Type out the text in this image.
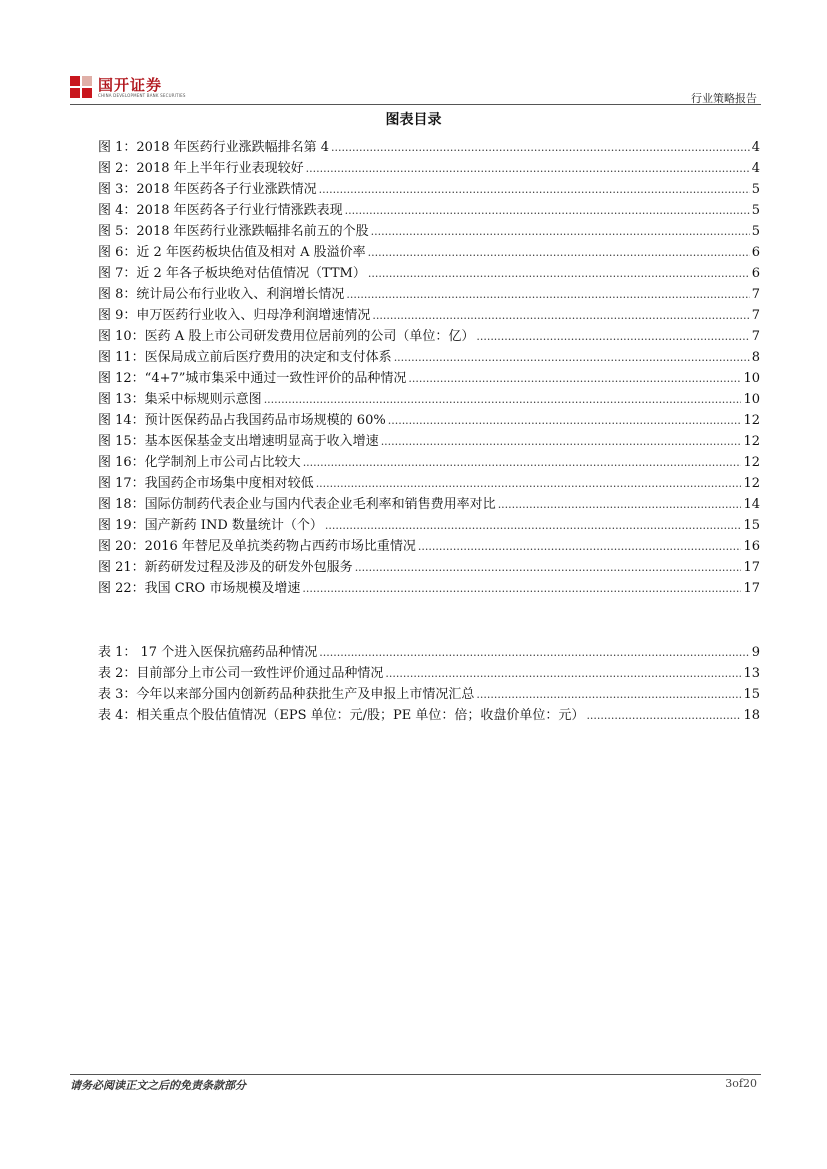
国开证券
CHINA DEVELOPMENT BANK SECURITIES	行业策略报告
图表目录
图 1：2018 年医药行业涨跌幅排名第 4 .....	4
图 2：2018 年上半年行业表现较好 .....	4
图 3：2018 年医药各子行业涨跌情况 .....	5
图 4：2018 年医药各子行业行情涨跌表现 .....	5
图 5：2018 年医药行业涨跌幅排名前五的个股 .....	5
图 6：近 2 年医药板块估值及相对 A 股溢价率 .....	6
图 7：近 2 年各子板块绝对估值情况（TTM） .....	6
图 8：统计局公布行业收入、利润增长情况 .....	7
图 9：申万医药行业收入、归母净利润增速情况 .....	7
图 10：医药 A 股上市公司研发费用位居前列的公司（单位：亿） .....	7
图 11：医保局成立前后医疗费用的决定和支付体系 .....	8
图 12：“4+7”城市集采中通过一致性评价的品种情况 .....	10
图 13：集采中标规则示意图 .....	10
图 14：预计医保药品占我国药品市场规模的 60% .....	12
图 15：基本医保基金支出增速明显高于收入增速 .....	12
图 16：化学制剂上市公司占比较大 .....	12
图 17：我国药企市场集中度相对较低 .....	12
图 18：国际仿制药代表企业与国内代表企业毛利率和销售费用率对比 .....	14
图 19：国产新药 IND 数量统计（个） .....	15
图 20：2016 年替尼及单抗类药物占西药市场比重情况 .....	16
图 21：新药研发过程及涉及的研发外包服务 .....	17
图 22：我国 CRO 市场规模及增速 .....	17
表 1： 17 个进入医保抗癌药品种情况 .....	9
表 2：目前部分上市公司一致性评价通过品种情况 .....	13
表 3：今年以来部分国内创新药品种获批生产及申报上市情况汇总 .....	15
表 4：相关重点个股估值情况（EPS 单位：元/股；PE 单位：倍；收盘价单位：元） .....	18
请务必阅读正文之后的免责条款部分	3of20
